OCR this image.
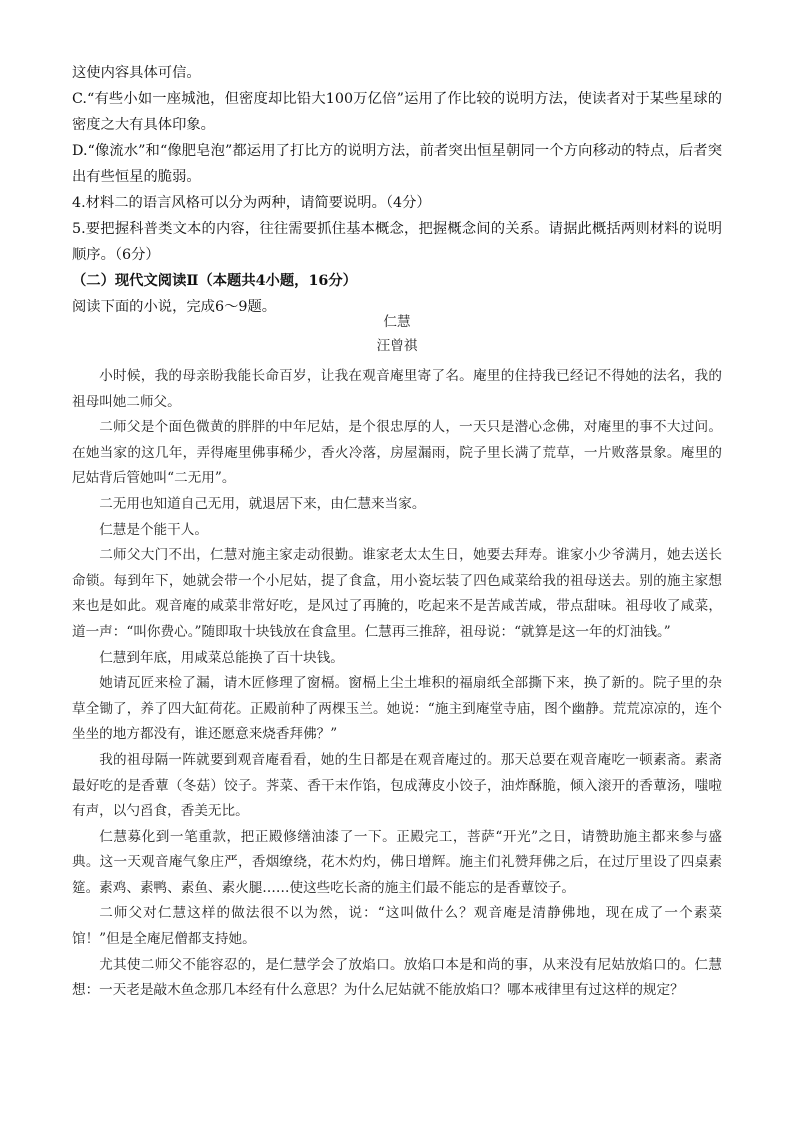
这使内容具体可信。

C.“有些小如一座城池，但密度却比铅大100万亿倍”运用了作比较的说明方法，使读者对于某些星球的密度之大有具体印象。

D.“像流水”和“像肥皂泡”都运用了打比方的说明方法，前者突出恒星朝同一个方向移动的特点，后者突出有些恒星的脆弱。

4.材料二的语言风格可以分为两种，请简要说明。（4分）

5.要把握科普类文本的内容，往往需要抓住基本概念，把握概念间的关系。请据此概括两则材料的说明顺序。（6分）

（二）现代文阅读Ⅱ（本题共4小题，16分）

阅读下面的小说，完成6～9题。

仁慧

汪曾祺

小时候，我的母亲盼我能长命百岁，让我在观音庵里寄了名。庵里的住持我已经记不得她的法名，我的祖母叫她二师父。

二师父是个面色微黄的胖胖的中年尼姑，是个很忠厚的人，一天只是潜心念佛，对庵里的事不大过问。在她当家的这几年，弄得庵里佛事稀少，香火冷落，房屋漏雨，院子里长满了荒草，一片败落景象。庵里的尼姑背后管她叫“二无用”。

二无用也知道自己无用，就退居下来，由仁慧来当家。

仁慧是个能干人。

二师父大门不出，仁慧对施主家走动很勤。谁家老太太生日，她要去拜寿。谁家小少爷满月，她去送长命锁。每到年下，她就会带一个小尼姑，提了食盒，用小瓷坛装了四色咸菜给我的祖母送去。别的施主家想来也是如此。观音庵的咸菜非常好吃，是风过了再腌的，吃起来不是苦咸苦咸，带点甜味。祖母收了咸菜，道一声：“叫你费心。”随即取十块钱放在食盒里。仁慧再三推辞，祖母说：“就算是这一年的灯油钱。”

仁慧到年底，用咸菜总能换了百十块钱。

她请瓦匠来检了漏，请木匠修理了窗槅。窗槅上尘土堆积的福扇纸全部撕下来，换了新的。院子里的杂草全锄了，养了四大缸荷花。正殿前种了两棵玉兰。她说：“施主到庵堂寺庙，图个幽静。荒荒凉凉的，连个坐坐的地方都没有，谁还愿意来烧香拜佛？”

我的祖母隔一阵就要到观音庵看看，她的生日都是在观音庵过的。那天总要在观音庵吃一顿素斋。素斋最好吃的是香蕈（冬菇）饺子。荠菜、香干末作馅，包成薄皮小饺子，油炸酥脆，倾入滚开的香蕈汤，嗤啦有声，以勺舀食，香美无比。

仁慧募化到一笔重款，把正殿修缮油漆了一下。正殿完工，菩萨“开光”之日，请赞助施主都来参与盛典。这一天观音庵气象庄严，香烟缭绕，花木灼灼，佛日增辉。施主们礼赞拜佛之后，在过厅里设了四桌素筵。素鸡、素鸭、素鱼、素火腿……使这些吃长斋的施主们最不能忘的是香蕈饺子。

二师父对仁慧这样的做法很不以为然，说：“这叫做什么？观音庵是清静佛地，现在成了一个素菜馆！”但是全庵尼僧都支持她。

尤其使二师父不能容忍的，是仁慧学会了放焰口。放焰口本是和尚的事，从来没有尼姑放焰口的。仁慧想：一天老是敲木鱼念那几本经有什么意思？为什么尼姑就不能放焰口？哪本戒律里有过这样的规定？
